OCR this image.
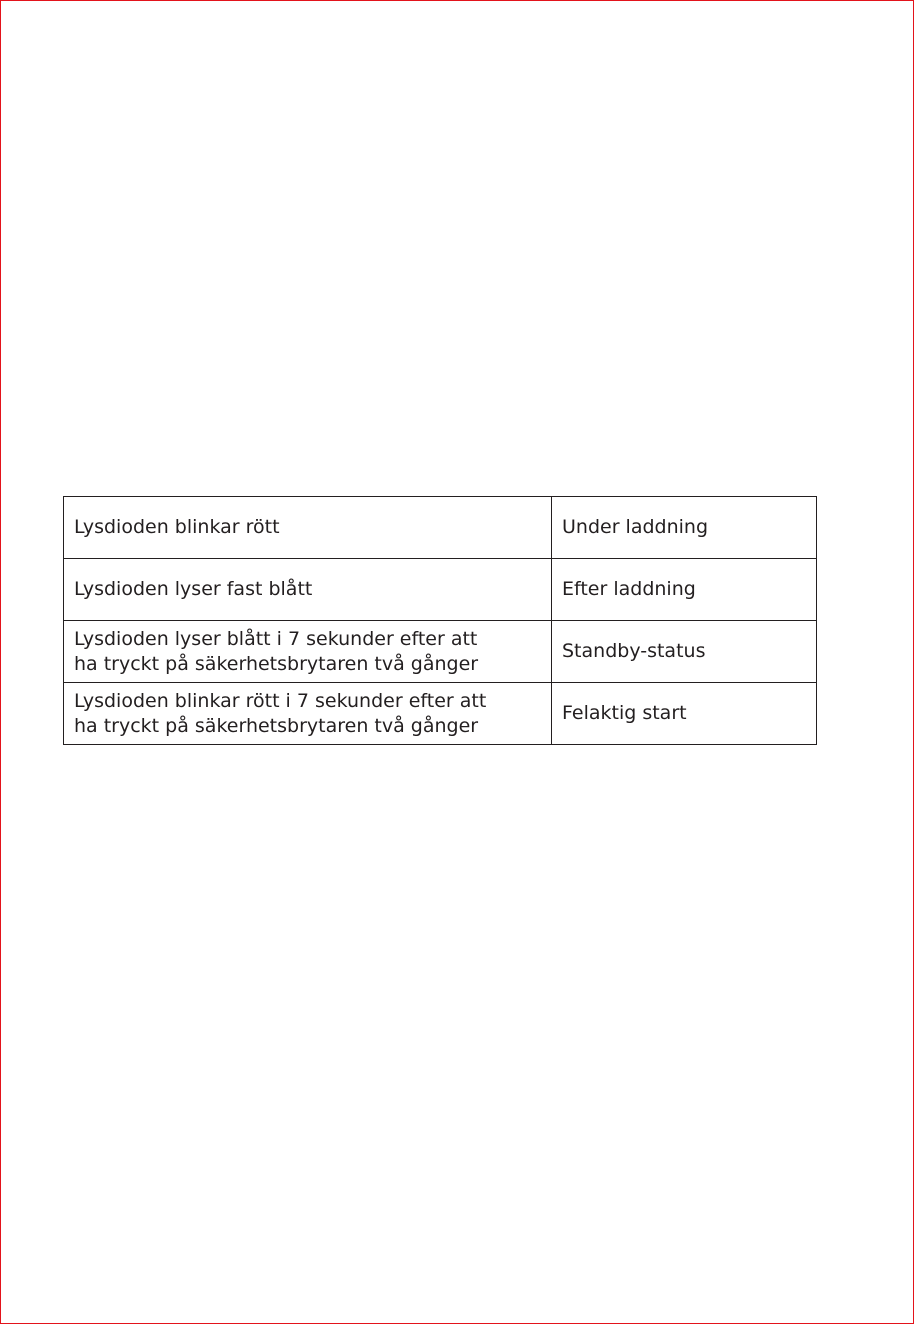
Lysdioden blinkar rött	Under laddning
Lysdioden lyser fast blått	Efter laddning
Lysdioden lyser blått i 7 sekunder efter att
ha tryckt på säkerhetsbrytaren två gånger	Standby-status
Lysdioden blinkar rött i 7 sekunder efter att
ha tryckt på säkerhetsbrytaren två gånger	Felaktig start
